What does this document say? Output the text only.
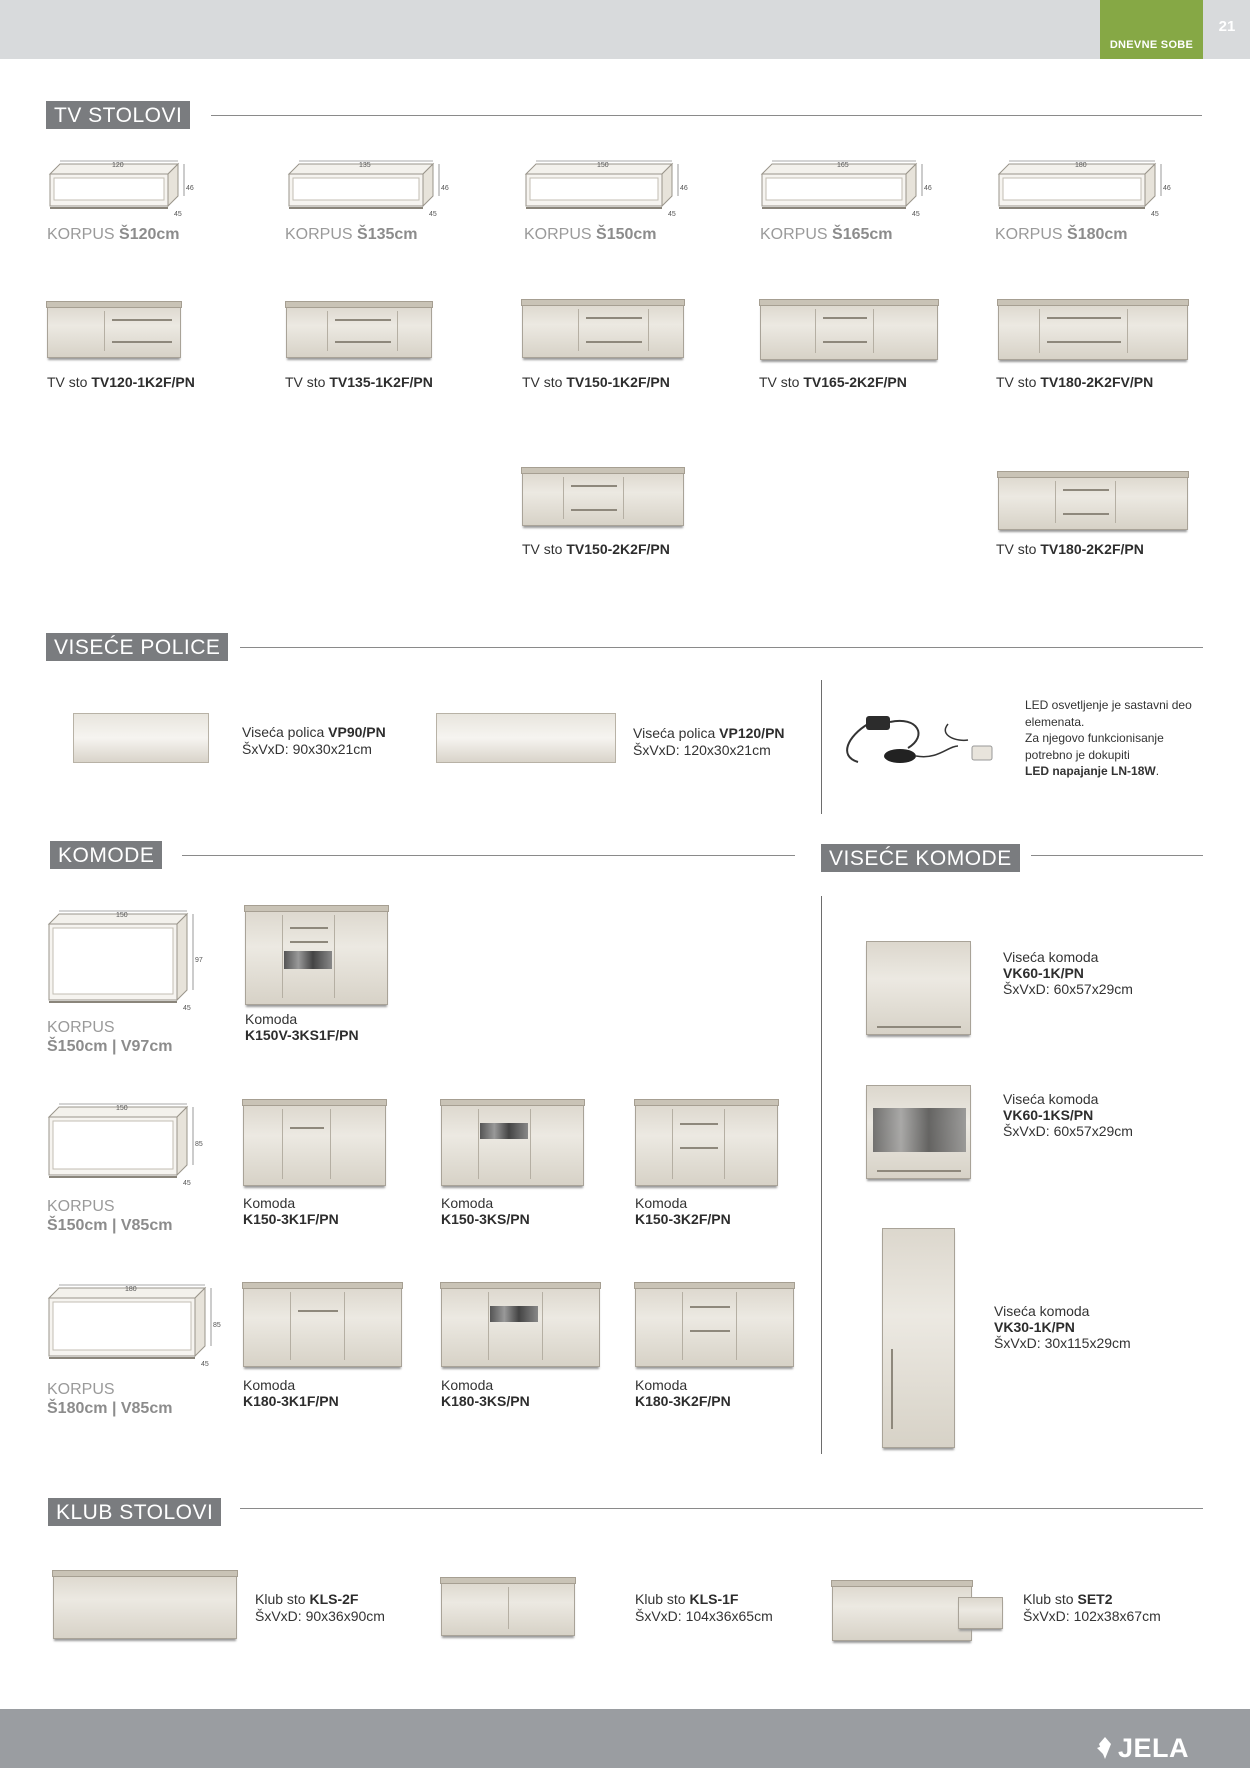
DNEVNE SOBE
21
TV STOLOVI
120
46
45
135
46
45
150
46
45
165
46
45
180
46
45
KORPUS Š120cm	KORPUS Š135cm	KORPUS Š150cm	KORPUS Š165cm	KORPUS Š180cm
TV sto TV120-1K2F/PN	TV sto TV135-1K2F/PN	TV sto TV150-1K2F/PN	TV sto TV165-2K2F/PN	TV sto TV180-2K2FV/PN
TV sto TV150-2K2F/PN	TV sto TV180-2K2F/PN
VISEĆE POLICE
Viseća polica VP90/PN
ŠxVxD: 90x30x21cm
Viseća polica VP120/PN
ŠxVxD: 120x30x21cm
LED osvetljenje je sastavni deo
elemenata.
Za njegovo funkcionisanje
potrebno je dokupiti
LED napajanje LN-18W.
KOMODE	VISEĆE KOMODE
150
97
45
150
85
45
180
85
45
KORPUS
Š150cm | V97cm
KORPUS
Š150cm | V85cm
KORPUS
Š180cm | V85cm
Komoda
K150V-3KS1F/PN
Komoda
K150-3K1F/PN
Komoda
K150-3KS/PN
Komoda
K150-3K2F/PN
Komoda
K180-3K1F/PN
Komoda
K180-3KS/PN
Komoda
K180-3K2F/PN
Viseća komoda
VK60-1K/PN
ŠxVxD: 60x57x29cm
Viseća komoda
VK60-1KS/PN
ŠxVxD: 60x57x29cm
Viseća komoda
VK30-1K/PN
ŠxVxD: 30x115x29cm
KLUB STOLOVI
Klub sto KLS-2F
ŠxVxD: 90x36x90cm
Klub sto KLS-1F
ŠxVxD: 104x36x65cm
Klub sto SET2
ŠxVxD: 102x38x67cm
JELA
